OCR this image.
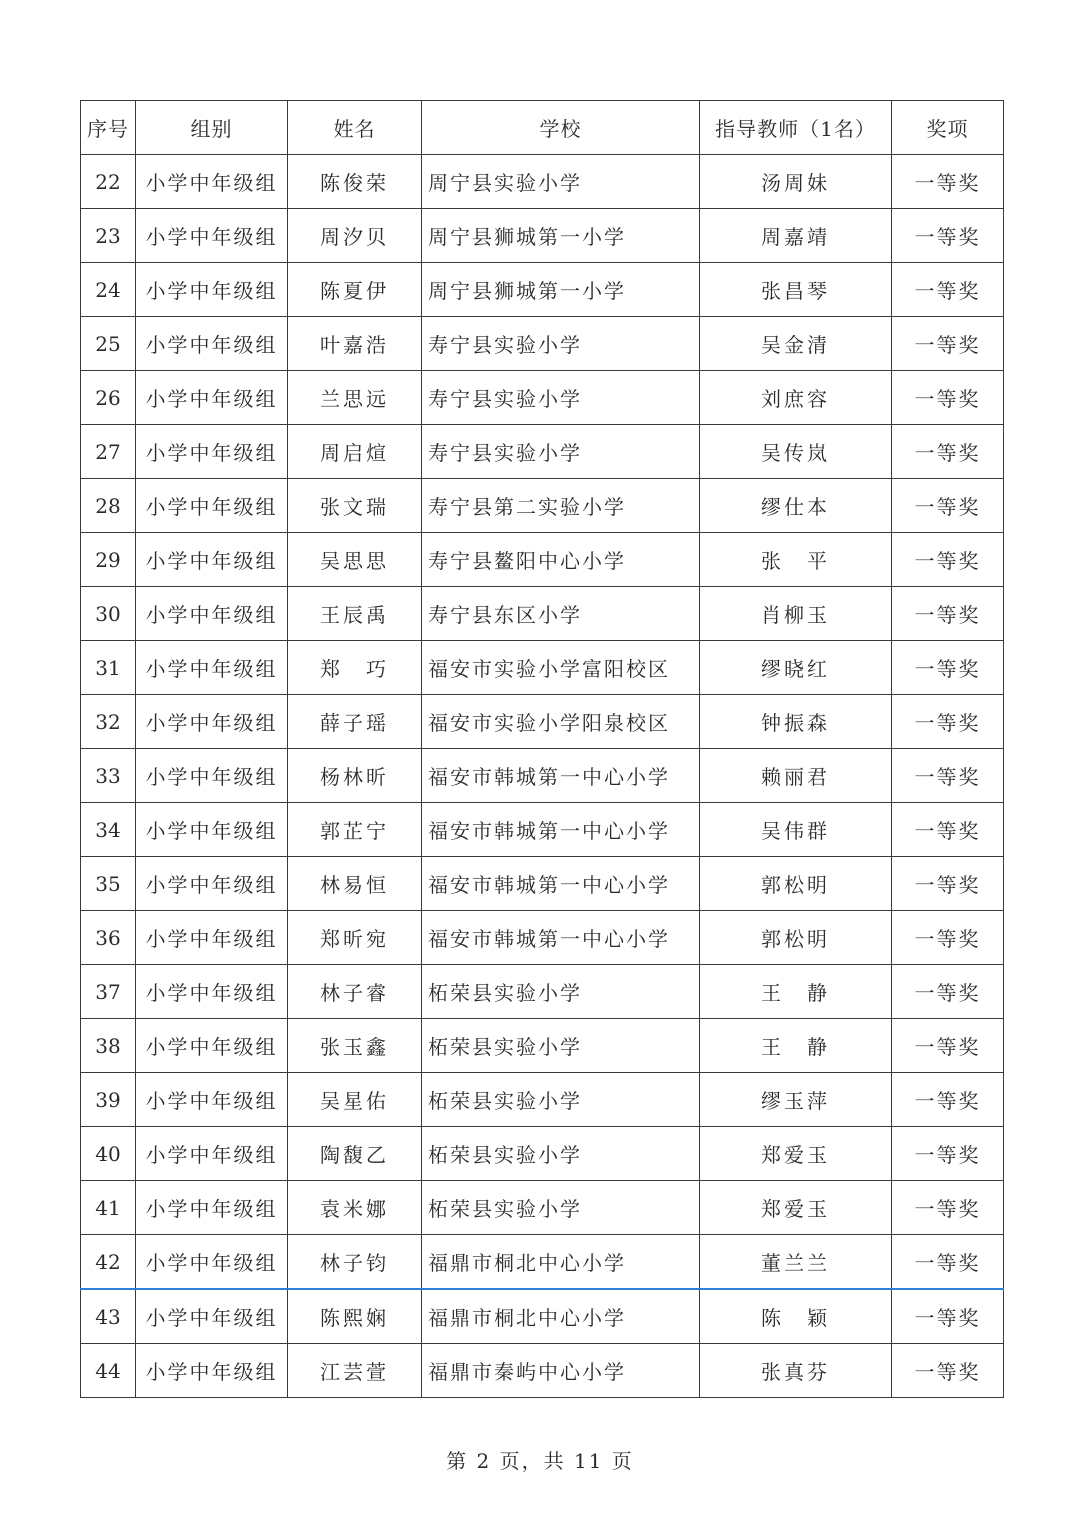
序号	组别	姓名	学校	指导教师（1名）	奖项
22	小学中年级组	陈俊荣	周宁县实验小学	汤周妹	一等奖
23	小学中年级组	周汐贝	周宁县狮城第一小学	周嘉靖	一等奖
24	小学中年级组	陈夏伊	周宁县狮城第一小学	张昌琴	一等奖
25	小学中年级组	叶嘉浩	寿宁县实验小学	吴金清	一等奖
26	小学中年级组	兰思远	寿宁县实验小学	刘庶容	一等奖
27	小学中年级组	周启煊	寿宁县实验小学	吴传岚	一等奖
28	小学中年级组	张文瑞	寿宁县第二实验小学	缪仕本	一等奖
29	小学中年级组	吴思思	寿宁县鳌阳中心小学	张　平	一等奖
30	小学中年级组	王辰禹	寿宁县东区小学	肖柳玉	一等奖
31	小学中年级组	郑　巧	福安市实验小学富阳校区	缪晓红	一等奖
32	小学中年级组	薛子瑶	福安市实验小学阳泉校区	钟振森	一等奖
33	小学中年级组	杨林昕	福安市韩城第一中心小学	赖丽君	一等奖
34	小学中年级组	郭芷宁	福安市韩城第一中心小学	吴伟群	一等奖
35	小学中年级组	林易恒	福安市韩城第一中心小学	郭松明	一等奖
36	小学中年级组	郑昕宛	福安市韩城第一中心小学	郭松明	一等奖
37	小学中年级组	林子睿	柘荣县实验小学	王　静	一等奖
38	小学中年级组	张玉鑫	柘荣县实验小学	王　静	一等奖
39	小学中年级组	吴星佑	柘荣县实验小学	缪玉萍	一等奖
40	小学中年级组	陶馥乙	柘荣县实验小学	郑爱玉	一等奖
41	小学中年级组	袁米娜	柘荣县实验小学	郑爱玉	一等奖
42	小学中年级组	林子钧	福鼎市桐北中心小学	董兰兰	一等奖
43	小学中年级组	陈熙娴	福鼎市桐北中心小学	陈　颖	一等奖
44	小学中年级组	江芸萱	福鼎市秦屿中心小学	张真芬	一等奖
第 2 页，共 11 页
